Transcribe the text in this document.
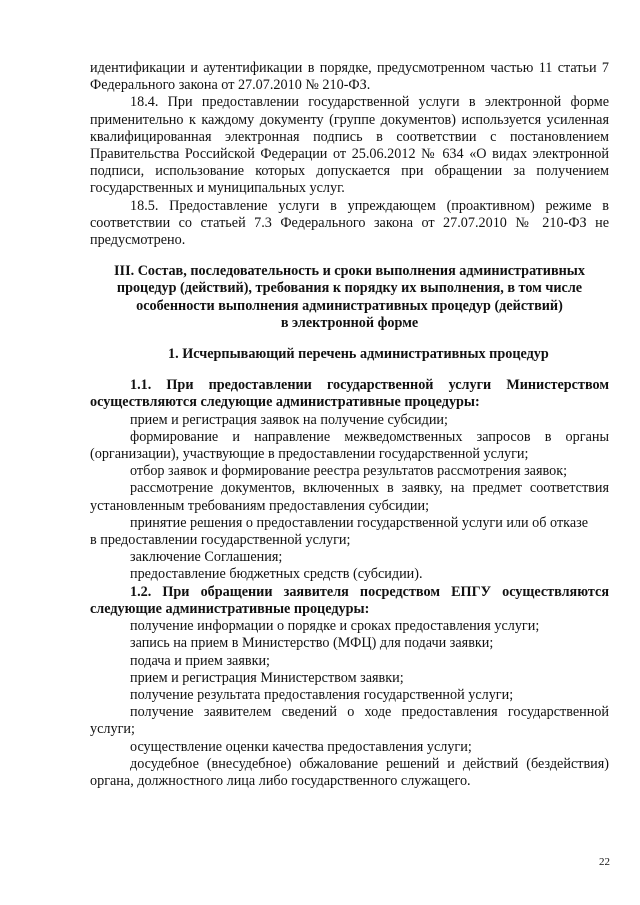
идентификации и аутентификации в порядке, предусмотренном частью 11 статьи 7 Федерального закона от 27.07.2010 № 210-ФЗ.

18.4. При предоставлении государственной услуги в электронной форме применительно к каждому документу (группе документов) используется усиленная квалифицированная электронная подпись в соответствии с постановлением Правительства Российской Федерации от 25.06.2012 № 634 «О видах электронной подписи, использование которых допускается при обращении за получением государственных и муниципальных услуг.

18.5. Предоставление услуги в упреждающем (проактивном) режиме в соответствии со статьей 7.3 Федерального закона от 27.07.2010 № 210-ФЗ не предусмотрено.

III. Состав, последовательность и сроки выполнения административных

процедур (действий), требования к порядку их выполнения, в том числе

особенности выполнения административных процедур (действий)

в электронной форме

1. Исчерпывающий перечень административных процедур

1.1. При предоставлении государственной услуги Министерством осуществляются следующие административные процедуры:

прием и регистрация заявок на получение субсидии;

формирование и направление межведомственных запросов в органы (организации), участвующие в предоставлении государственной услуги;

отбор заявок и формирование реестра результатов рассмотрения заявок;

рассмотрение документов, включенных в заявку, на предмет соответствия установленным требованиям предоставления субсидии;

принятие решения о предоставлении государственной услуги или об отказе

в предоставлении государственной услуги;

заключение Соглашения;

предоставление бюджетных средств (субсидии).

1.2. При обращении заявителя посредством ЕПГУ осуществляются следующие административные процедуры:

получение информации о порядке и сроках предоставления услуги;

запись на прием в Министерство (МФЦ) для подачи заявки;

подача и прием заявки;

прием и регистрация Министерством заявки;

получение результата предоставления государственной услуги;

получение заявителем сведений о ходе предоставления государственной услуги;

осуществление оценки качества предоставления услуги;

досудебное (внесудебное) обжалование решений и действий (бездействия) органа, должностного лица либо государственного служащего.

22
